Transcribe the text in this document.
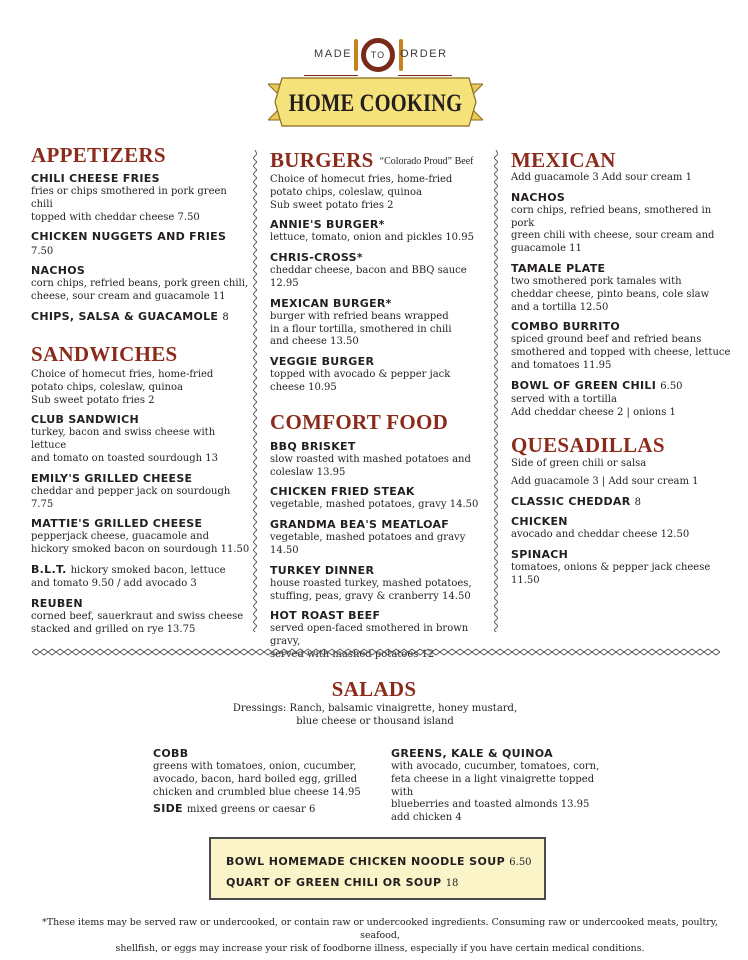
MADE TO ORDER
HOME COOKING
APPETIZERS
CHILI CHEESE FRIES
fries or chips smothered in pork green chili
topped with cheddar cheese 7.50
CHICKEN NUGGETS AND FRIES 7.50
NACHOS
corn chips, refried beans, pork green chili,
cheese, sour cream and guacamole 11
CHIPS, SALSA & GUACAMOLE 8
SANDWICHES
Choice of homecut fries, home-fried
potato chips, coleslaw, quinoa
Sub sweet potato fries 2
CLUB SANDWICH
turkey, bacon and swiss cheese with lettuce
and tomato on toasted sourdough 13
EMILY'S GRILLED CHEESE
cheddar and pepper jack on sourdough 7.75
MATTIE'S GRILLED CHEESE
pepperjack cheese, guacamole and
hickory smoked bacon on sourdough 11.50
B.L.T. hickory smoked bacon, lettuce
and tomato 9.50 / add avocado 3
REUBEN
corned beef, sauerkraut and swiss cheese
stacked and grilled on rye 13.75
BURGERS “Colorado Proud” Beef
Choice of homecut fries, home-fried
potato chips, coleslaw, quinoa
Sub sweet potato fries 2
ANNIE'S BURGER*
lettuce, tomato, onion and pickles 10.95
CHRIS-CROSS*
cheddar cheese, bacon and BBQ sauce 12.95
MEXICAN BURGER*
burger with refried beans wrapped
in a flour tortilla, smothered in chili
and cheese 13.50
VEGGIE BURGER
topped with avocado & pepper jack
cheese 10.95
COMFORT FOOD
BBQ BRISKET
slow roasted with mashed potatoes and
coleslaw 13.95
CHICKEN FRIED STEAK
vegetable, mashed potatoes, gravy 14.50
GRANDMA BEA'S MEATLOAF
vegetable, mashed potatoes and gravy 14.50
TURKEY DINNER
house roasted turkey, mashed potatoes,
stuffing, peas, gravy & cranberry 14.50
HOT ROAST BEEF
served open-faced smothered in brown gravy,
served with mashed potatoes 12
MEXICAN
Add guacamole 3 Add sour cream 1
NACHOS
corn chips, refried beans, smothered in pork
green chili with cheese, sour cream and
guacamole 11
TAMALE PLATE
two smothered pork tamales with
cheddar cheese, pinto beans, cole slaw
and a tortilla 12.50
COMBO BURRITO
spiced ground beef and refried beans
smothered and topped with cheese, lettuce
and tomatoes 11.95
BOWL OF GREEN CHILI 6.50
served with a tortilla
Add cheddar cheese 2 | onions 1
QUESADILLAS
Side of green chili or salsa
Add guacamole 3 | Add sour cream 1
CLASSIC CHEDDAR 8
CHICKEN
avocado and cheddar cheese 12.50
SPINACH
tomatoes, onions & pepper jack cheese 11.50
SALADS
Dressings: Ranch, balsamic vinaigrette, honey mustard,
blue cheese or thousand island
COBB
greens with tomatoes, onion, cucumber,
avocado, bacon, hard boiled egg, grilled
chicken and crumbled blue cheese 14.95
SIDE mixed greens or caesar 6
GREENS, KALE & QUINOA
with avocado, cucumber, tomatoes, corn,
feta cheese in a light vinaigrette topped with
blueberries and toasted almonds 13.95
add chicken 4
BOWL HOMEMADE CHICKEN NOODLE SOUP 6.50
QUART OF GREEN CHILI OR SOUP 18
*These items may be served raw or undercooked, or contain raw or undercooked ingredients. Consuming raw or undercooked meats, poultry, seafood,
shellfish, or eggs may increase your risk of foodborne illness, especially if you have certain medical conditions.
